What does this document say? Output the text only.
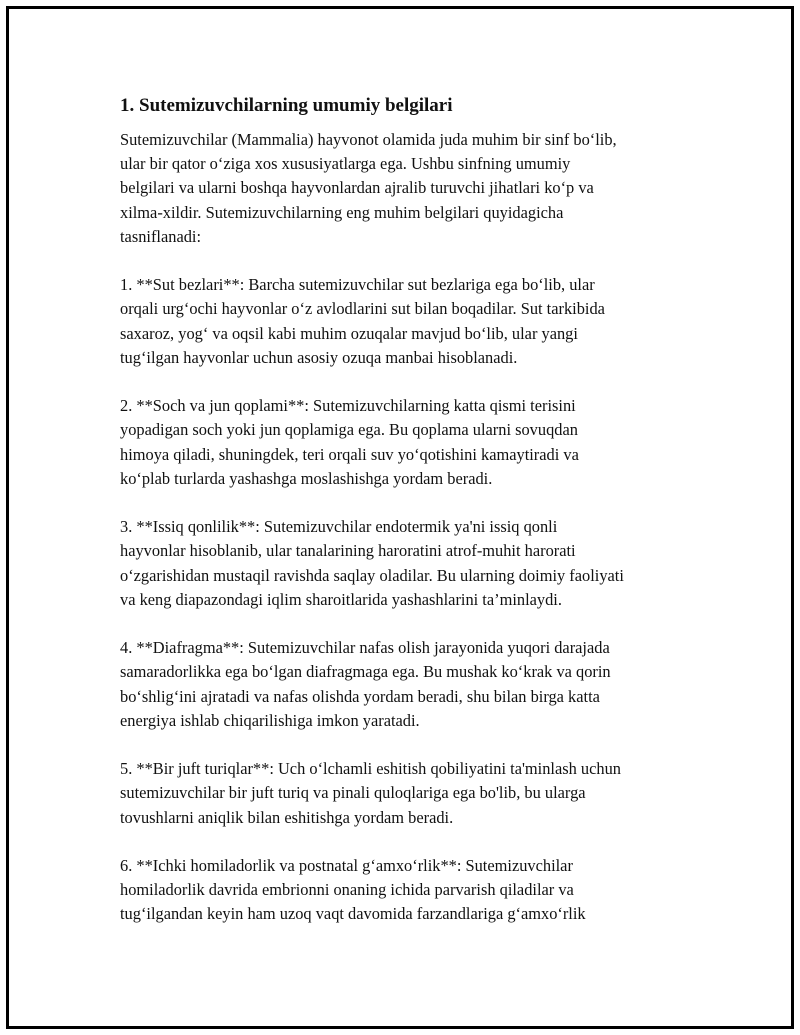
1. Sutemizuvchilarning umumiy belgilari
Sutemizuvchilar (Mammalia) hayvonot olamida juda muhim bir sinf bo‘lib,
ular bir qator o‘ziga xos xususiyatlarga ega. Ushbu sinfning umumiy
belgilari va ularni boshqa hayvonlardan ajralib turuvchi jihatlari ko‘p va
xilma-xildir. Sutemizuvchilarning eng muhim belgilari quyidagicha
tasniflanadi:
1. **Sut bezlari**: Barcha sutemizuvchilar sut bezlariga ega bo‘lib, ular
orqali urg‘ochi hayvonlar o‘z avlodlarini sut bilan boqadilar. Sut tarkibida
saxaroz, yog‘ va oqsil kabi muhim ozuqalar mavjud bo‘lib, ular yangi
tug‘ilgan hayvonlar uchun asosiy ozuqa manbai hisoblanadi.
2. **Soch va jun qoplami**: Sutemizuvchilarning katta qismi terisini
yopadigan soch yoki jun qoplamiga ega. Bu qoplama ularni sovuqdan
himoya qiladi, shuningdek, teri orqali suv yo‘qotishini kamaytiradi va
ko‘plab turlarda yashashga moslashishga yordam beradi.
3. **Issiq qonlilik**: Sutemizuvchilar endotermik ya'ni issiq qonli
hayvonlar hisoblanib, ular tanalarining haroratini atrof-muhit harorati
o‘zgarishidan mustaqil ravishda saqlay oladilar. Bu ularning doimiy faoliyati
va keng diapazondagi iqlim sharoitlarida yashashlarini ta’minlaydi.
4. **Diafragma**: Sutemizuvchilar nafas olish jarayonida yuqori darajada
samaradorlikka ega bo‘lgan diafragmaga ega. Bu mushak ko‘krak va qorin
bo‘shlig‘ini ajratadi va nafas olishda yordam beradi, shu bilan birga katta
energiya ishlab chiqarilishiga imkon yaratadi.
5. **Bir juft turiqlar**: Uch o‘lchamli eshitish qobiliyatini ta'minlash uchun
sutemizuvchilar bir juft turiq va pinali quloqlariga ega bo'lib, bu ularga
tovushlarni aniqlik bilan eshitishga yordam beradi.
6. **Ichki homiladorlik va postnatal g‘amxo‘rlik**: Sutemizuvchilar
homiladorlik davrida embrionni onaning ichida parvarish qiladilar va
tug‘ilgandan keyin ham uzoq vaqt davomida farzandlariga g‘amxo‘rlik
